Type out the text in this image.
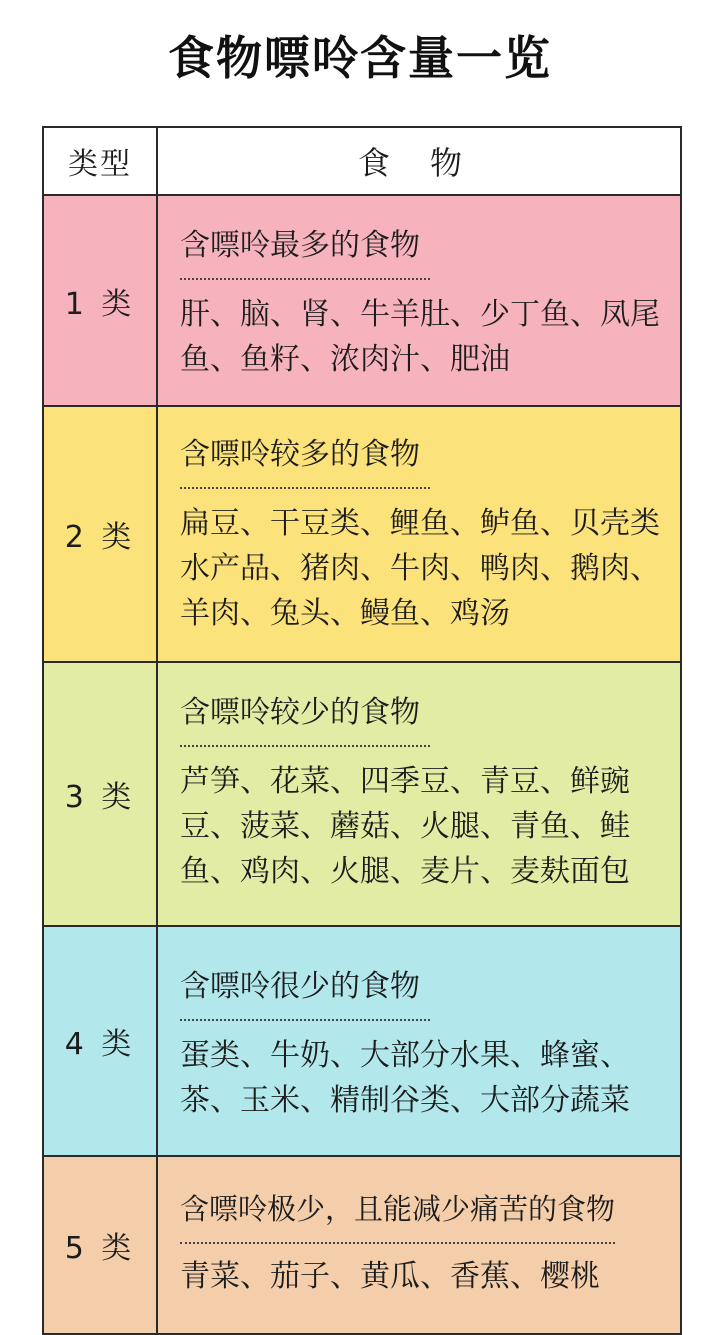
食物嘌呤含量一览
类型	食物
1 类
含嘌呤最多的食物
肝、脑、肾、牛羊肚、少丁鱼、凤尾鱼、鱼籽、浓肉汁、肥油
2 类
含嘌呤较多的食物
扁豆、干豆类、鲤鱼、鲈鱼、贝壳类水产品、猪肉、牛肉、鸭肉、鹅肉、羊肉、兔头、鳗鱼、鸡汤
3 类
含嘌呤较少的食物
芦笋、花菜、四季豆、青豆、鲜豌豆、菠菜、蘑菇、火腿、青鱼、鲑鱼、鸡肉、火腿、麦片、麦麸面包
4 类
含嘌呤很少的食物
蛋类、牛奶、大部分水果、蜂蜜、茶、玉米、精制谷类、大部分蔬菜
5 类
含嘌呤极少，且能减少痛苦的食物
青菜、茄子、黄瓜、香蕉、樱桃
